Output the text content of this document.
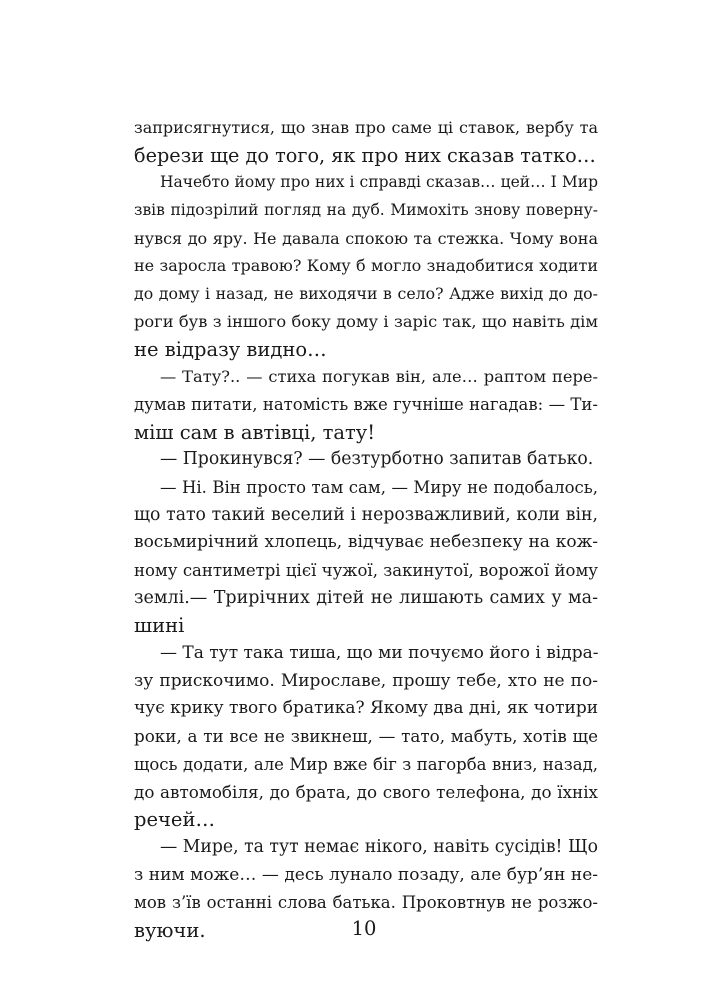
заприсягнутися, що знав про саме ці ставок, вербу та
берези ще до того, як про них сказав татко…
Начебто йому про них і справді сказав… цей… І Мир
звів підозрілий погляд на дуб. Мимохіть знову поверну-
нувся до яру. Не давала спокою та стежка. Чому вона
не заросла травою? Кому б могло знадобитися ходити
до дому і назад, не виходячи в село? Адже вихід до до-
роги був з іншого боку дому і заріс так, що навіть дім
не відразу видно…
— Тату?.. — стиха погукав він, але… раптом пере-
думав питати, натомість вже гучніше нагадав: — Ти-
міш сам в автівці, тату!
— Прокинувся? — безтурботно запитав батько.
— Ні. Він просто там сам, — Миру не подобалось,
що тато такий веселий і нерозважливий, коли він,
восьмирічний хлопець, відчуває небезпеку на кож-
ному сантиметрі цієї чужої, закинутої, ворожої йому
землі.— Трирічних дітей не лишають самих у ма-
шині
— Та тут така тиша, що ми почуємо його і відра-
зу прискочимо. Мирославе, прошу тебе, хто не по-
чує крику твого братика? Якому два дні, як чотири
роки, а ти все не звикнеш, — тато, мабуть, хотів ще
щось додати, але Мир вже біг з пагорба вниз, назад,
до автомобіля, до брата, до свого телефона, до їхніх
речей…
— Мире, та тут немає нікого, навіть сусідів! Що
з ним може… — десь лунало позаду, але бур’ян не-
мов з’їв останні слова батька. Проковтнув не розжо-
вуючи.	10
